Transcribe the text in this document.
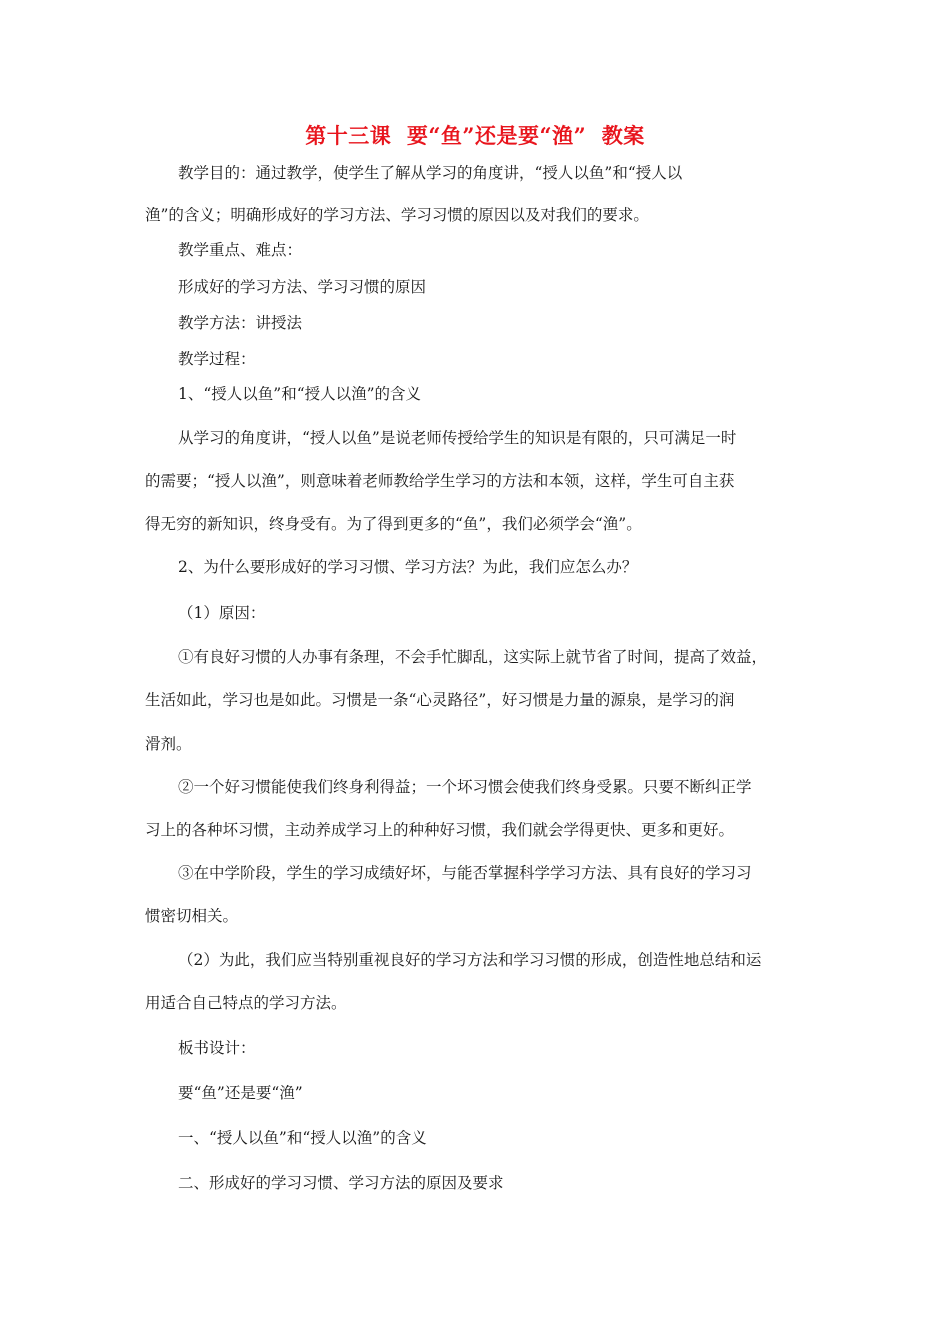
第十三课  要“鱼”还是要“渔”  教案
教学目的：通过教学，使学生了解从学习的角度讲，“授人以鱼”和“授人以
渔”的含义；明确形成好的学习方法、学习习惯的原因以及对我们的要求。
教学重点、难点：
形成好的学习方法、学习习惯的原因
教学方法：讲授法
教学过程：
1、“授人以鱼”和“授人以渔”的含义
从学习的角度讲，“授人以鱼”是说老师传授给学生的知识是有限的，只可满足一时
的需要；“授人以渔”，则意味着老师教给学生学习的方法和本领，这样，学生可自主获
得无穷的新知识，终身受有。为了得到更多的“鱼”，我们必须学会“渔”。
2、为什么要形成好的学习习惯、学习方法？为此，我们应怎么办？
（1）原因：
①有良好习惯的人办事有条理，不会手忙脚乱，这实际上就节省了时间，提高了效益，
生活如此，学习也是如此。习惯是一条“心灵路径”，好习惯是力量的源泉，是学习的润
滑剂。
②一个好习惯能使我们终身利得益；一个坏习惯会使我们终身受累。只要不断纠正学
习上的各种坏习惯，主动养成学习上的种种好习惯，我们就会学得更快、更多和更好。
③在中学阶段，学生的学习成绩好坏，与能否掌握科学学习方法、具有良好的学习习
惯密切相关。
（2）为此，我们应当特别重视良好的学习方法和学习习惯的形成，创造性地总结和运
用适合自己特点的学习方法。
板书设计：
要“鱼”还是要“渔”
一、“授人以鱼”和“授人以渔”的含义
二、形成好的学习习惯、学习方法的原因及要求
